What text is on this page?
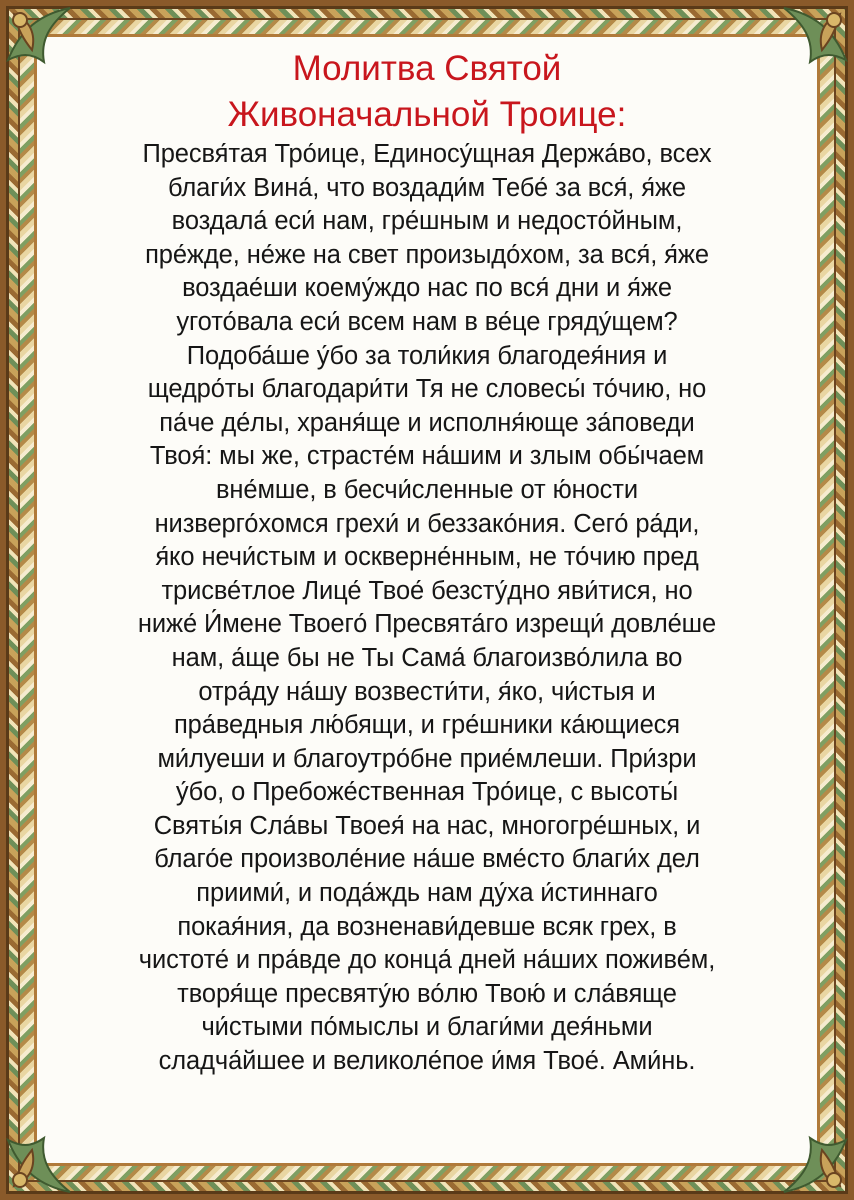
Молитва Святой
Живоначальной Троице:
Пресвя́тая Тро́ице, Единосу́щная Держа́во, всех
благи́х Вина́, что воздади́м Тебе́ за вся́, я́же
воздала́ еси́ нам, гре́шным и недосто́йным,
пре́жде, не́же на свет произыдо́хом, за вся́, я́же
воздае́ши коему́ждо нас по вся́ дни и я́же
угото́вала еси́ всем нам в ве́це гряду́щем?
Подоба́ше у́бо за толи́кия благодея́ния и
щедро́ты благодари́ти Тя не словесы́ то́чию, но
па́че де́лы, храня́ще и исполня́юще за́поведи
Твоя́: мы же, страсте́м на́шим и злым обы́чаем
вне́мше, в бесчи́сленные от ю́ности
низверго́хомся грехи́ и беззако́ния. Сего́ ра́ди,
я́ко нечи́стым и оскверне́нным, не то́чию пред
трисве́тлое Лице́ Твое́ безсту́дно яви́тися, но
ниже́ И́мене Твоего́ Пресвята́го изрещи́ довле́ше
нам, а́ще бы не Ты Сама́ благоизво́лила во
отра́ду на́шу возвести́ти, я́ко, чи́стыя и
пра́ведныя лю́бящи, и гре́шники ка́ющиеся
ми́луеши и благоутро́бне прие́млеши. При́зри
у́бо, о Пребоже́ственная Тро́ице, с высоты́
Святы́я Сла́вы Твоея́ на нас, многогре́шных, и
благо́е произволе́ние на́ше вме́сто благи́х дел
приими́, и пода́ждь нам ду́ха и́стиннаго
покая́ния, да возненави́девше всяк грех, в
чистоте́ и пра́вде до конца́ дней на́ших поживе́м,
творя́ще пресвяту́ю во́лю Твою́ и сла́вяще
чи́стыми по́мыслы и благи́ми дея́ньми
сладча́йшее и великоле́пое и́мя Твое́. Ами́нь.
